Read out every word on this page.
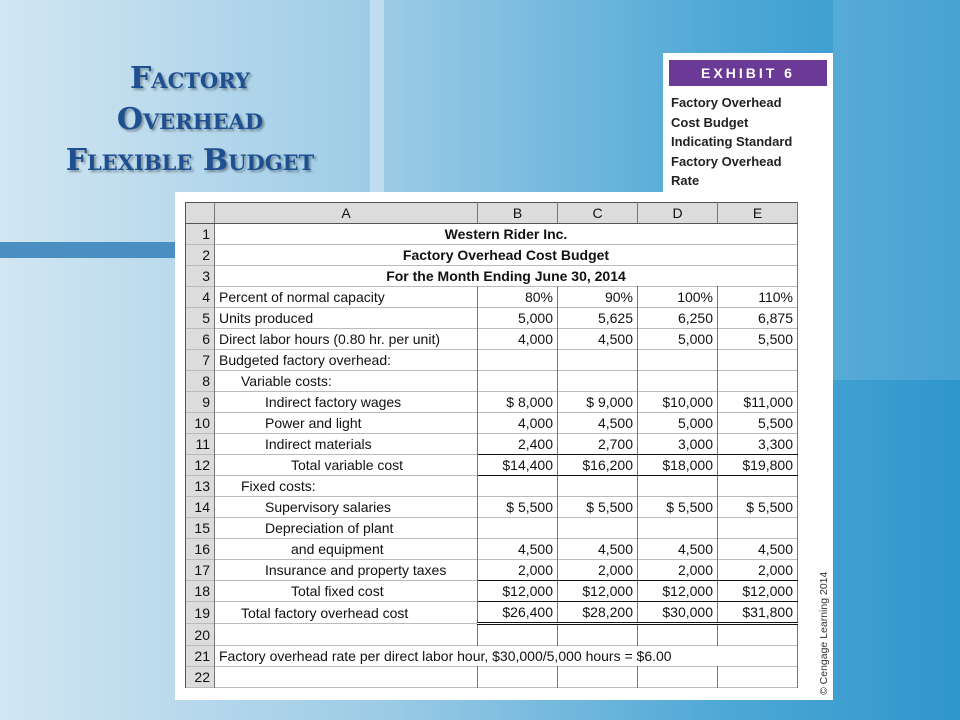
Factory
Overhead
Flexible Budget
EXHIBIT 6
Factory Overhead
Cost Budget
Indicating Standard
Factory Overhead
Rate
© Cengage Learning 2014
	A	B	C	D	E
1	Western Rider Inc.				
2	Factory Overhead Cost Budget				
3	For the Month Ending June 30, 2014				
4	Percent of normal capacity	80%	90%	100%	110%
5	Units produced	5,000	5,625	6,250	6,875
6	Direct labor hours (0.80 hr. per unit)	4,000	4,500	5,000	5,500
7	Budgeted factory overhead:				
8	Variable costs:				
9	Indirect factory wages	$ 8,000	$ 9,000	$10,000	$11,000
10	Power and light	4,000	4,500	5,000	5,500
11	Indirect materials	2,400	2,700	3,000	3,300
12	Total variable cost	$14,400	$16,200	$18,000	$19,800
13	Fixed costs:				
14	Supervisory salaries	$ 5,500	$ 5,500	$ 5,500	$ 5,500
15	Depreciation of plant				
16	and equipment	4,500	4,500	4,500	4,500
17	Insurance and property taxes	2,000	2,000	2,000	2,000
18	Total fixed cost	$12,000	$12,000	$12,000	$12,000
19	Total factory overhead cost	$26,400	$28,200	$30,000	$31,800
20					
21	Factory overhead rate per direct labor hour, $30,000/5,000 hours = $6.00				
22					
